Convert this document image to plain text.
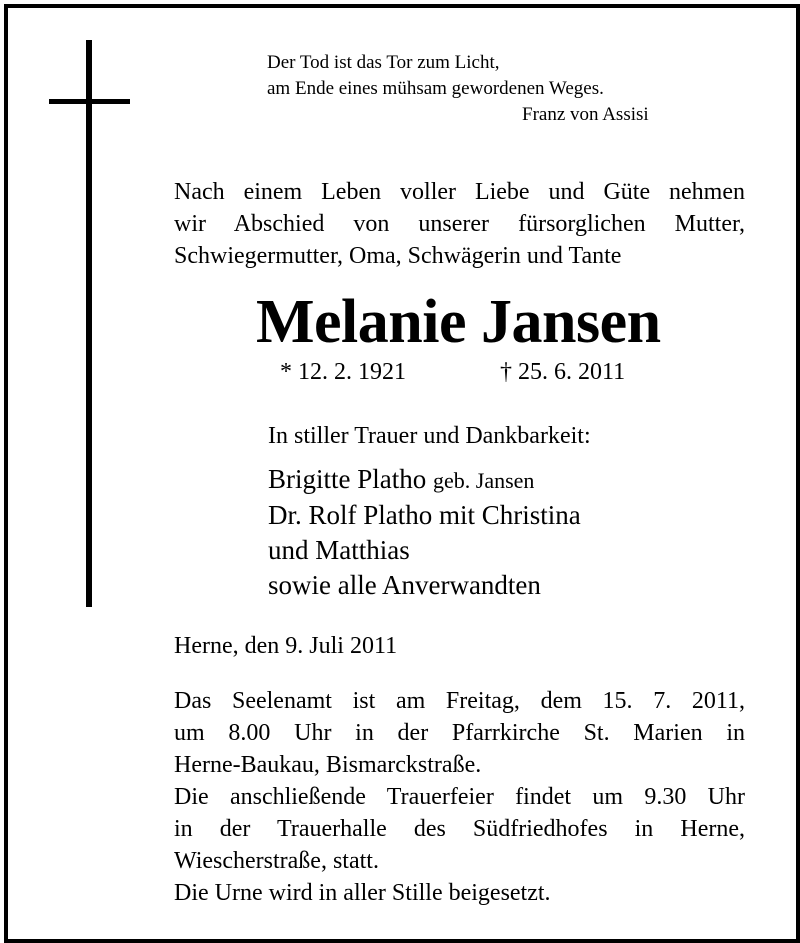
Der Tod ist das Tor zum Licht,
am Ende eines mühsam gewordenen Weges.
Franz von Assisi
Nach einem Leben voller Liebe und Güte nehmen
wir Abschied von unserer fürsorglichen Mutter,
Schwiegermutter, Oma, Schwägerin und Tante
Melanie Jansen
* 12. 2. 1921	† 25. 6. 2011
In stiller Trauer und Dankbarkeit:
Brigitte Platho geb. Jansen
Dr. Rolf Platho mit Christina
und Matthias
sowie alle Anverwandten
Herne, den 9. Juli 2011
Das Seelenamt ist am Freitag, dem 15. 7. 2011,
um 8.00 Uhr in der Pfarrkirche St. Marien in
Herne-Baukau, Bismarckstraße.
Die anschließende Trauerfeier findet um 9.30 Uhr
in der Trauerhalle des Südfriedhofes in Herne,
Wiescherstraße, statt.
Die Urne wird in aller Stille beigesetzt.
